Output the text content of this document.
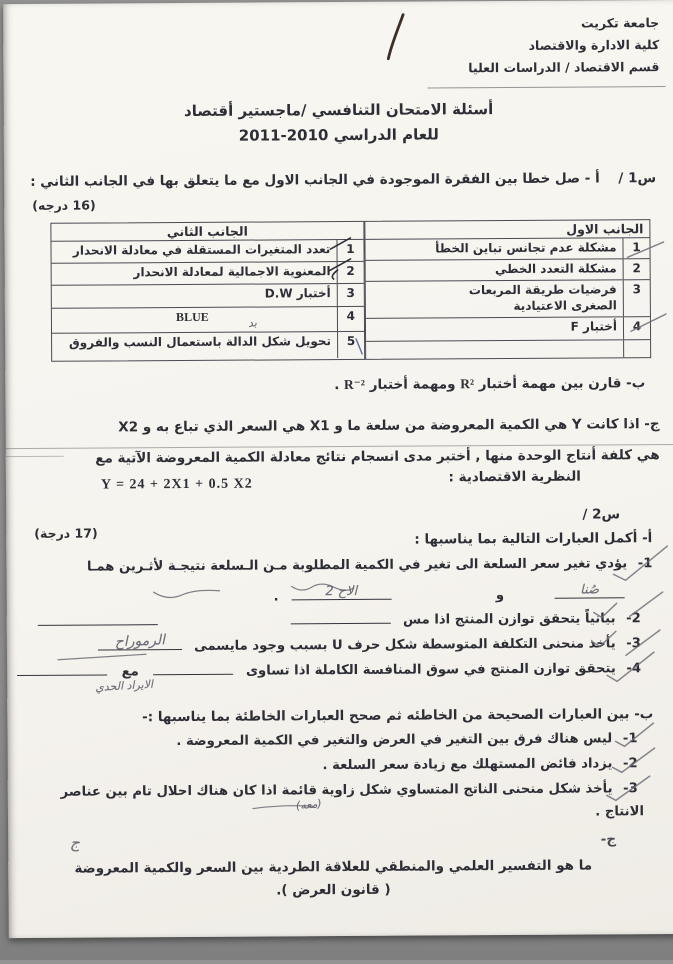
جامعة تكريت
كلية الادارة والاقتصاد
قسم الاقتصاد / الدراسات العليا
أسئلة الامتحان التنافسي /ماجستير أقتصاد
للعام الدراسي 2010-2011
س1 / أ - صل خطا بين الفقرة الموجودة في الجانب الاول مع ما يتعلق بها في الجانب الثاني :
(16 درجه)
الجانب الاول
1
مشكلة عدم تجانس تباين الخطأ
2
مشكلة التعدد الخطي
3
فرضيات طريقة المربعات الصغرى الاعتيادية
4
أختبار F
الجانب الثاني
1
تعدد المتغيرات المستقلة في معادلة الانحدار
2
المعنوية الاجمالية لمعادلة الانحدار
3
أختبار D.W
4
BLUE
5
تحويل شكل الدالة باستعمال النسب والفروق
ب- قارن بين مهمة أختبار R² ومهمة أختبار R⁻² .
ج- اذا كانت Y هي الكمية المعروضة من سلعة ما و X1 هي السعر الذي تباع به و X2
هي كلفة أنتاج الوحدة منها , أختبر مدى انسجام نتائج معادلة الكمية المعروضة الآتية مع
النظرية الاقتصادية :
Y = 24 + 2X1 + 0.5 X2
س2 /
(17 درجة)	أ- أكمل العبارات التالية بما يناسبها :
1- يؤدي تغير سعر السلعة الى تغير في الكمية المطلوبة مـن الـسلعة نتيجـة لأثـرين همـا
صُنا
و
الاح 2
.
2- بيانياً يتحقق توازن المنتج اذا مس
3- يأخذ منحنى التكلفة المتوسطة شكل حرف U بسبب وجود مايسمى
الرموراح
4- يتحقق توازن المنتج في سوق المنافسة الكاملة اذا تساوى  مع
ب- بين العبارات الصحيحة من الخاطئه ثم صحح العبارات الخاطئة بما يناسبها :-
1- ليس هناك فرق بين التغير في العرض والتغير في الكمية المعروضة .
2- يزداد فائض المستهلك مع زيادة سعر السلعة .
3- يأخذ شكل منحنى الناتج المتساوي شكل زاوية قائمة اذا كان هناك احلال تام بين عناصر
الانتاج .
ج-
ما هو التفسير العلمي والمنطقي للعلاقة الطردية بين السعر والكمية المعروضة
( قانون العرض ).
بد
الايراد الحدي
(معه)
ج
